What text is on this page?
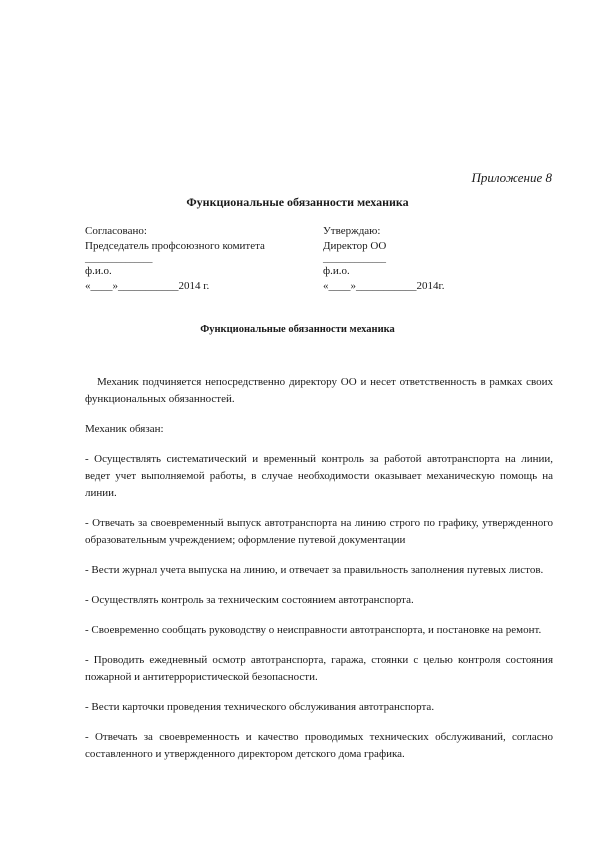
Приложение 8
Функциональные обязанности механика
Согласовано:
Председатель профсоюзного комитета
_______________
ф.и.о.
«____»___________2014 г.
Утверждаю:
Директор ОО
______________
ф.и.о.
«____»___________2014г.
Функциональные обязанности механика

Механик подчиняется непосредственно директору ОО и несет ответственность в рамках своих функциональных обязанностей.

Механик обязан:

- Осуществлять систематический и временный контроль за работой автотранспорта на линии, ведет учет выполняемой работы, в случае необходимости оказывает механическую помощь на линии.

- Отвечать за своевременный выпуск автотранспорта на линию строго по графику, утвержденного образовательным учреждением; оформление путевой документации

- Вести журнал учета выпуска на линию, и отвечает за правильность заполнения путевых листов.

- Осуществлять контроль за техническим состоянием автотранспорта.

- Своевременно сообщать руководству о неисправности автотранспорта, и постановке на ремонт.

- Проводить ежедневный осмотр автотранспорта, гаража, стоянки с целью контроля состояния пожарной и антитеррористической безопасности.

- Вести карточки проведения технического обслуживания автотранспорта.

- Отвечать за своевременность и качество проводимых технических обслуживаний, согласно составленного и утвержденного директором детского дома графика.
